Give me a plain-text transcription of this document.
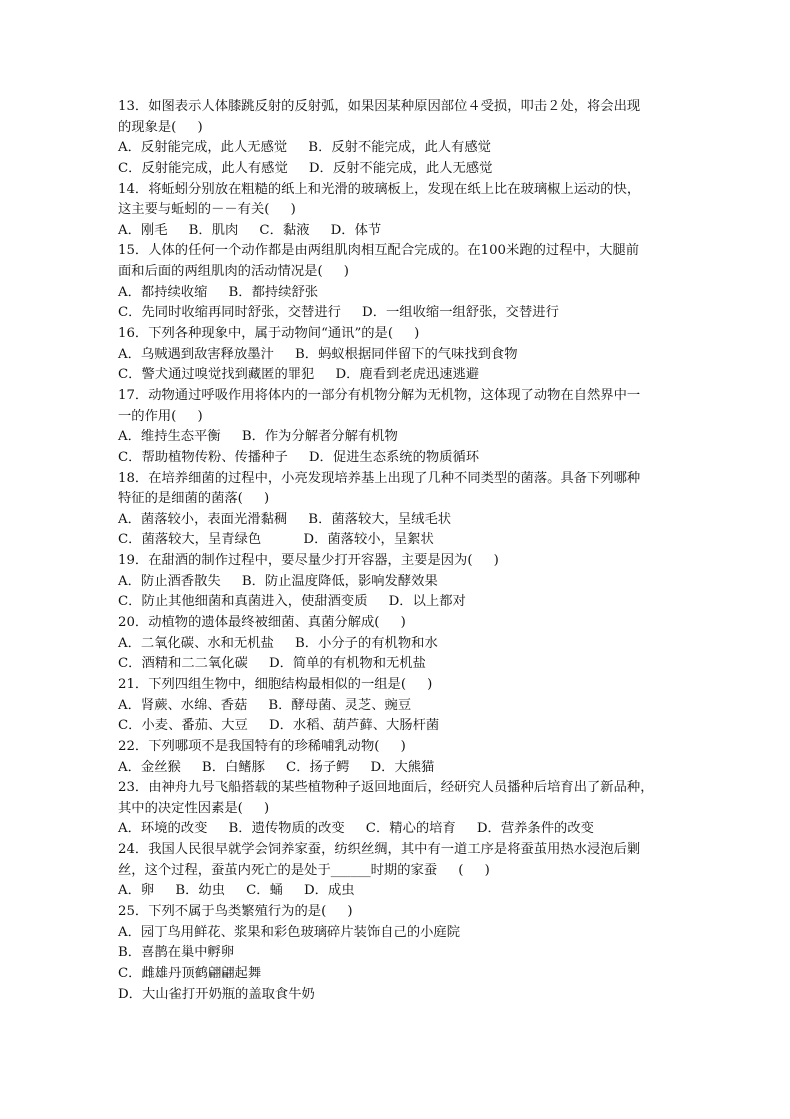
13．如图表示人体膝跳反射的反射弧，如果因某种原因部位４受损，叩击２处，将会出现
的现象是(     )
A．反射能完成，此人无感觉     B．反射不能完成，此人有感觉
C．反射能完成，此人有感觉     D．反射不能完成，此人无感觉
14．将蚯蚓分别放在粗糙的纸上和光滑的玻璃板上，发现在纸上比在玻璃椒上运动的快，
这主要与蚯蚓的－－有关(     )
A．刚毛     B．肌肉     C．黏液     D．体节
15．人体的任何一个动作都是由两组肌肉相互配合完成的。在100米跑的过程中，大腿前
面和后面的两组肌肉的活动情况是(     )
A．都持续收缩     B．都持续舒张
C．先同时收缩再同时舒张，交替进行     D．一组收缩一组舒张，交替进行
16．下列各种现象中，属于动物间“通讯”的是(     )
A．乌贼遇到敌害释放墨汁     B．蚂蚁根据同伴留下的气味找到食物
C．警犬通过嗅觉找到藏匿的罪犯     D．鹿看到老虎迅速逃避
17．动物通过呼吸作用将体内的一部分有机物分解为无机物，这体现了动物在自然界中一
一的作用(     )
A．维持生态平衡     B．作为分解者分解有机物
C．帮助植物传粉、传播种子     D．促进生态系统的物质循环
18．在培养细菌的过程中，小亮发现培养基上出现了几种不同类型的菌落。具备下列哪种
特征的是细菌的菌落(     )
A．菌落较小，表面光滑黏稠     B．菌落较大，呈绒毛状
C．菌落较大，呈青绿色          D．菌落较小，呈絮状
19．在甜酒的制作过程中，要尽量少打开容器，主要是因为(     )
A．防止酒香散失     B．防止温度降低，影响发酵效果
C．防止其他细菌和真菌进入，使甜酒变质     D．以上都对
20．动植物的遗体最终被细菌、真菌分解成(     )
A．二氧化碳、水和无机盐     B．小分子的有机物和水
C．酒精和二二氧化碳     D．简单的有机物和无机盐
21．下列四组生物中，细胞结构最相似的一组是(     )
A．肾蕨、水绵、香菇     B．酵母菌、灵芝、豌豆
C．小麦、番茄、大豆     D．水稻、葫芦藓、大肠杆菌
22．下列哪项不是我国特有的珍稀哺乳动物(     )
A．金丝猴     B．白鳍豚     C．扬子鳄     D．大熊猫
23．由神舟九号飞船搭载的某些植物种子返回地面后，经研究人员播种后培育出了新品种，
其中的决定性因素是(     )
A．环境的改变     B．遗传物质的改变     C．精心的培育     D．营养条件的改变
24．我国人民很早就学会饲养家蚕，纺织丝绸，其中有一道工序是将蚕茧用热水浸泡后剿
丝，这个过程，蚕茧内死亡的是处于______时期的家蚕     (     )
A．卵     B．幼虫     C．蛹     D．成虫
25．下列不属于鸟类繁殖行为的是(     )
A．园丁鸟用鲜花、浆果和彩色玻璃碎片装饰自己的小庭院
B．喜鹊在巢中孵卵
C．雌雄丹顶鹤翩翩起舞
D．大山雀打开奶瓶的盖取食牛奶
